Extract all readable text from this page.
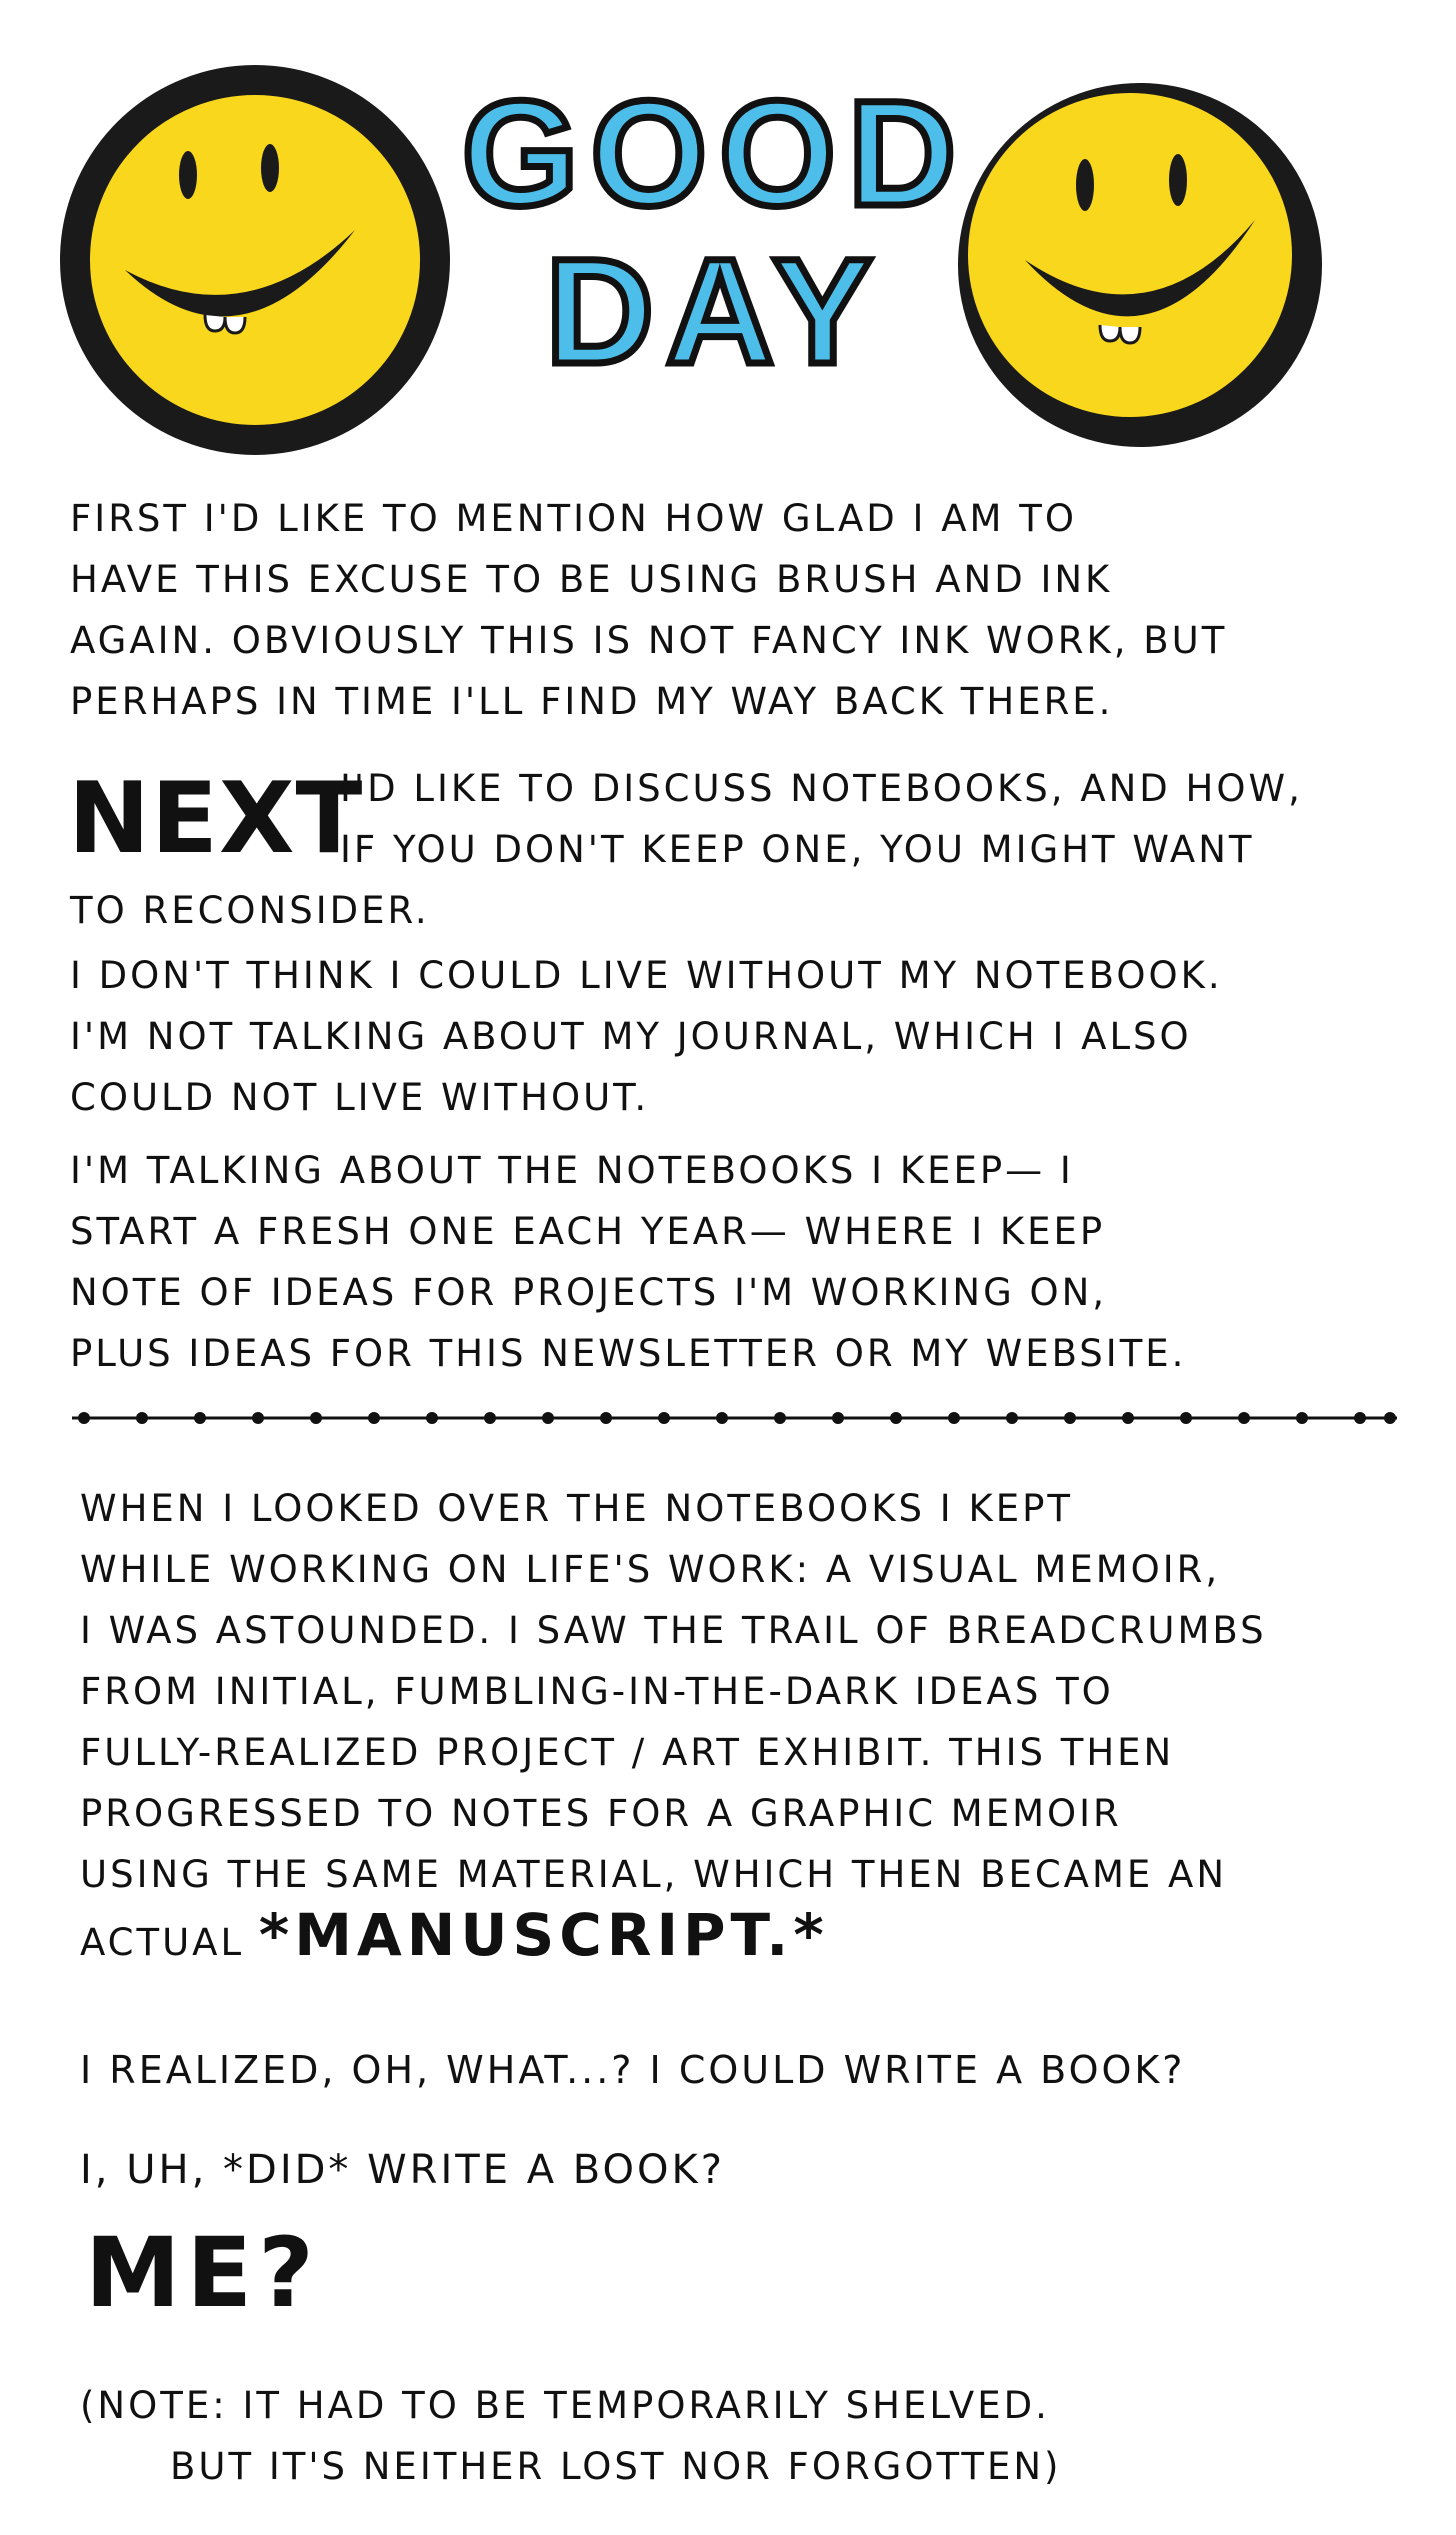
GOOD
DAY
FIRST I'D LIKE TO MENTION HOW GLAD I AM TO
HAVE THIS EXCUSE TO BE USING BRUSH AND INK
AGAIN. OBVIOUSLY THIS IS NOT FANCY INK WORK, BUT
PERHAPS IN TIME I'LL FIND MY WAY BACK THERE.
NEXT
I'D LIKE TO DISCUSS NOTEBOOKS, AND HOW,
IF YOU DON'T KEEP ONE, YOU MIGHT WANT
TO RECONSIDER.
I DON'T THINK I COULD LIVE WITHOUT MY NOTEBOOK.
I'M NOT TALKING ABOUT MY JOURNAL, WHICH I ALSO
COULD NOT LIVE WITHOUT.
I'M TALKING ABOUT THE NOTEBOOKS I KEEP— I
START A FRESH ONE EACH YEAR— WHERE I KEEP
NOTE OF IDEAS FOR PROJECTS I'M WORKING ON,
PLUS IDEAS FOR THIS NEWSLETTER OR MY WEBSITE.
WHEN I LOOKED OVER THE NOTEBOOKS I KEPT
WHILE WORKING ON LIFE'S WORK: A VISUAL MEMOIR,
I WAS ASTOUNDED. I SAW THE TRAIL OF BREADCRUMBS
FROM INITIAL, FUMBLING-IN-THE-DARK IDEAS TO
FULLY-REALIZED PROJECT / ART EXHIBIT. THIS THEN
PROGRESSED TO NOTES FOR A GRAPHIC MEMOIR
USING THE SAME MATERIAL, WHICH THEN BECAME AN
ACTUAL *MANUSCRIPT.*
I REALIZED, OH, WHAT...? I COULD WRITE A BOOK?
I, UH, *DID* WRITE A BOOK?
ME?
(NOTE: IT HAD TO BE TEMPORARILY SHELVED.
BUT IT'S NEITHER LOST NOR FORGOTTEN)
